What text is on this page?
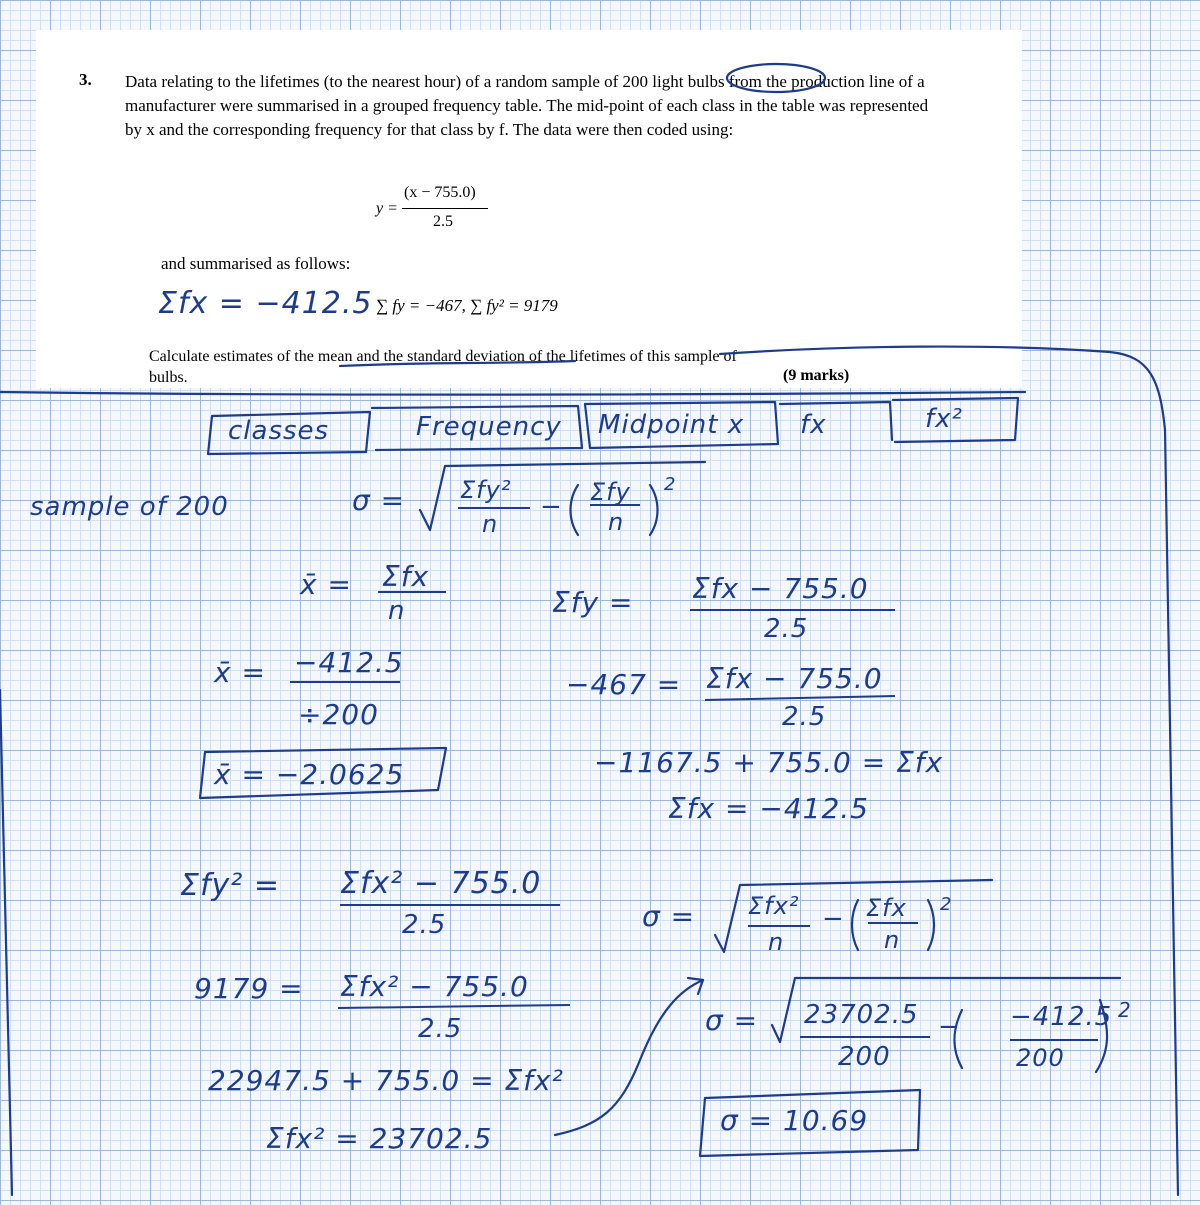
3. Data relating to the lifetimes (to the nearest hour) of a random sample of 200 light bulbs from the production line of a manufacturer were summarised in a grouped frequency table. The mid-point of each class in the table was represented by x and the corresponding frequency for that class by f. The data were then coded using:
y =
(x − 755.0)
2.5
and summarised as follows:
∑ fy = −467, ∑ fy² = 9179
Calculate estimates of the mean and the standard deviation of the lifetimes of this sample of bulbs.	(9 marks)
Σfx = −412.5
classes	Frequency Midpoint x fx	fx²
sample of 200	σ = Σfy²
n
− Σfy
n
2
x̄ = Σfx
n
x̄ = −412.5
÷200
x̄ = −2.0625
Σfy = Σfx − 755.0
2.5
−467 = Σfx − 755.0
2.5
−1167.5 + 755.0 = Σfx
Σfx = −412.5
Σfy² = Σfx² − 755.0
2.5
9179 = Σfx² − 755.0
2.5
22947.5 + 755.0 = Σfx²
Σfx² = 23702.5
σ = Σfx²
n
− Σfx
n
2
σ = 23702.5
200
− −412.5
200
2
σ = 10.69
